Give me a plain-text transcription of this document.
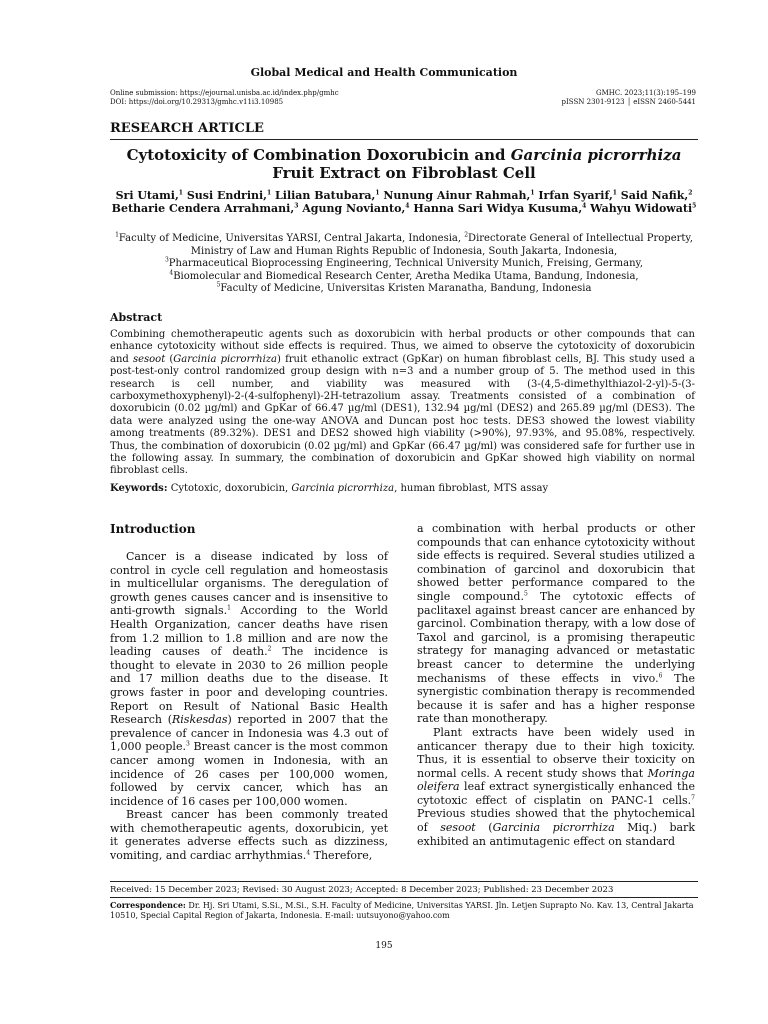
Global Medical and Health Communication
Online submission: https://ejournal.unisba.ac.id/index.php/gmhc
DOI: https://doi.org/10.29313/gmhc.v11i3.10985
GMHC. 2023;11(3):195–199
pISSN 2301-9123 │ eISSN 2460-5441
RESEARCH ARTICLE
Cytotoxicity of Combination Doxorubicin and Garcinia picrorrhiza Fruit Extract on Fibroblast Cell
Sri Utami,$^1$ Susi Endrini,$^1$ Lilian Batubara,$^1$ Nunung Ainur Rahmah,$^1$ Irfan Syarif,$^1$ Said Nafik,$^2$ Betharie Cendera Arrahmani,$^3$ Agung Novianto,$^4$ Hanna Sari Widya Kusuma,$^4$ Wahyu Widowati$^5$
$^1$Faculty of Medicine, Universitas YARSI, Central Jakarta, Indonesia, $^2$Directorate General of Intellectual Property, Ministry of Law and Human Rights Republic of Indonesia, South Jakarta, Indonesia,
$^3$Pharmaceutical Bioprocessing Engineering, Technical University Munich, Freising, Germany,
$^4$Biomolecular and Biomedical Research Center, Aretha Medika Utama, Bandung, Indonesia,
$^5$Faculty of Medicine, Universitas Kristen Maranatha, Bandung, Indonesia
Abstract
Combining chemotherapeutic agents such as doxorubicin with herbal products or other compounds that can enhance cytotoxicity without side effects is required. Thus, we aimed to observe the cytotoxicity of doxorubicin and sesoot (Garcinia picrorrhiza) fruit ethanolic extract (GpKar) on human fibroblast cells, BJ. This study used a post-test-only control randomized group design with n=3 and a number group of 5. The method used in this research is cell number, and viability was measured with (3-(4,5-dimethylthiazol-2-yl)-5-(3-carboxymethoxyphenyl)-2-(4-sulfophenyl)-2H-tetrazolium assay. Treatments consisted of a combination of doxorubicin (0.02 µg/ml) and GpKar of 66.47 µg/ml (DES1), 132.94 µg/ml (DES2) and 265.89 µg/ml (DES3). The data were analyzed using the one-way ANOVA and Duncan post hoc tests. DES3 showed the lowest viability among treatments (89.32%). DES1 and DES2 showed high viability (>90%), 97.93%, and 95.08%, respectively. Thus, the combination of doxorubicin (0.02 µg/ml) and GpKar (66.47 µg/ml) was considered safe for further use in the following assay. In summary, the combination of doxorubicin and GpKar showed high viability on normal fibroblast cells.
Keywords: Cytotoxic, doxorubicin, Garcinia picrorrhiza, human fibroblast, MTS assay
Introduction

Cancer is a disease indicated by loss of control in cycle cell regulation and homeostasis in multicellular organisms. The deregulation of growth genes causes cancer and is insensitive to anti-growth signals.$^1$ According to the World Health Organization, cancer deaths have risen from 1.2 million to 1.8 million and are now the leading causes of death.$^2$ The incidence is thought to elevate in 2030 to 26 million people and 17 million deaths due to the disease. It grows faster in poor and developing countries. Report on Result of National Basic Health Research (Riskesdas) reported in 2007 that the prevalence of cancer in Indonesia was 4.3 out of 1,000 people.$^3$ Breast cancer is the most common cancer among women in Indonesia, with an incidence of 26 cases per 100,000 women, followed by cervix cancer, which has an incidence of 16 cases per 100,000 women.

Breast cancer has been commonly treated with chemotherapeutic agents, doxorubicin, yet it generates adverse effects such as dizziness, vomiting, and cardiac arrhythmias.$^4$ Therefore,

a combination with herbal products or other compounds that can enhance cytotoxicity without side effects is required. Several studies utilized a combination of garcinol and doxorubicin that showed better performance compared to the single compound.$^5$ The cytotoxic effects of paclitaxel against breast cancer are enhanced by garcinol. Combination therapy, with a low dose of Taxol and garcinol, is a promising therapeutic strategy for managing advanced or metastatic breast cancer to determine the underlying mechanisms of these effects in vivo.$^6$ The synergistic combination therapy is recommended because it is safer and has a higher response rate than monotherapy.

Plant extracts have been widely used in anticancer therapy due to their high toxicity. Thus, it is essential to observe their toxicity on normal cells. A recent study shows that Moringa oleifera leaf extract synergistically enhanced the cytotoxic effect of cisplatin on PANC-1 cells.$^7$ Previous studies showed that the phytochemical of sesoot (Garcinia picrorrhiza Miq.) bark exhibited an antimutagenic effect on standard

Received: 15 December 2023; Revised: 30 August 2023; Accepted: 8 December 2023; Published: 23 December 2023
Correspondence: Dr. Hj. Sri Utami, S.Si., M.Si., S.H. Faculty of Medicine, Universitas YARSI. Jln. Letjen Suprapto No. Kav. 13, Central Jakarta 10510, Special Capital Region of Jakarta, Indonesia. E-mail: uutsuyono@yahoo.com
195
